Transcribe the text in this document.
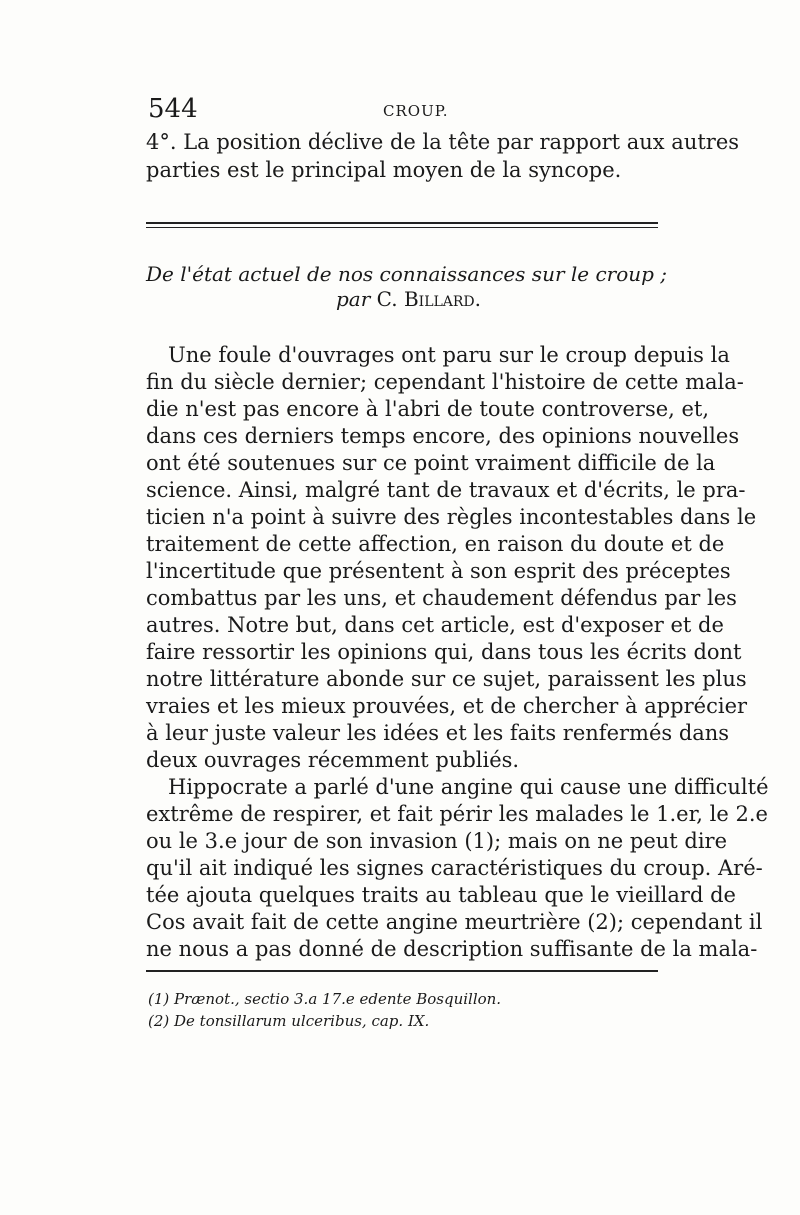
544	CROUP.
4°. La position déclive de la tête par rapport aux autres
parties est le principal moyen de la syncope.
De l'état actuel de nos connaissances sur le croup ;
par C. Billard.
Une foule d'ouvrages ont paru sur le croup depuis la
fin du siècle dernier; cependant l'histoire de cette mala-
die n'est pas encore à l'abri de toute controverse, et,
dans ces derniers temps encore, des opinions nouvelles
ont été soutenues sur ce point vraiment difficile de la
science. Ainsi, malgré tant de travaux et d'écrits, le pra-
ticien n'a point à suivre des règles incontestables dans le
traitement de cette affection, en raison du doute et de
l'incertitude que présentent à son esprit des préceptes
combattus par les uns, et chaudement défendus par les
autres. Notre but, dans cet article, est d'exposer et de
faire ressortir les opinions qui, dans tous les écrits dont
notre littérature abonde sur ce sujet, paraissent les plus
vraies et les mieux prouvées, et de chercher à apprécier
à leur juste valeur les idées et les faits renfermés dans
deux ouvrages récemment publiés.
Hippocrate a parlé d'une angine qui cause une difficulté
extrême de respirer, et fait périr les malades le 1.er, le 2.e
ou le 3.e jour de son invasion (1); mais on ne peut dire
qu'il ait indiqué les signes caractéristiques du croup. Aré-
tée ajouta quelques traits au tableau que le vieillard de
Cos avait fait de cette angine meurtrière (2); cependant il
ne nous a pas donné de description suffisante de la mala-
(1) Prænot., sectio 3.a 17.e edente Bosquillon.
(2) De tonsillarum ulceribus, cap. IX.
